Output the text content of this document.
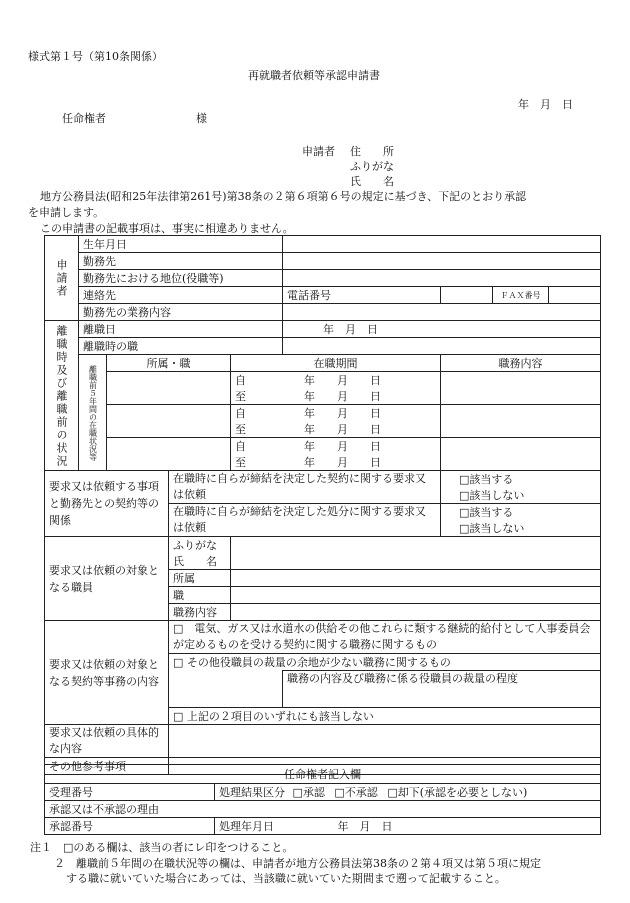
様式第１号（第10条関係）
再就職者依頼等承認申請書
年　月　日
任命権者	様
申請者 住　　所
ふりがな
氏　　名
地方公務員法(昭和25年法律第261号)第38条の２第６項第６号の規定に基づき、下記のとおり承認
を申請します。
この申請書の記載事項は、事実に相違ありません。
申請者	生年月日							
	勤務先							
	勤務先における地位(役職等)							
	連絡先				電話番号		ＦＡＸ番号	
	勤務先の業務内容							
離職時及び離職前の状況	離職日				年　月　日			
	離職時の職							
	離職前５年間の在職状況等	所属・職		在職期間		職務内容		
				自 年　　月　　日				
				至 年　　月　　日				
				自 年　　月　　日				
				至 年　　月　　日				
				自 年　　月　　日				
				至 年　　月　　日				
要求又は依頼する事項と勤務先との契約等の関係			在職時に自らが締結を決定した契約に関する要求又は依頼			□該当する		
						□該当しない		
			在職時に自らが締結を決定した処分に関する要求又は依頼			□該当する		
						□該当しない		
要求又は依頼の対象となる職員			ふりがな					
			氏　　名					
			所属					
			職					
			職務内容					
要求又は依頼の対象となる契約等事務の内容			□　電気、ガス又は水道水の供給その他これらに類する継続的給付として人事委員会が定めるものを受ける契約に関する職務に関するもの					
			□ その他役職員の裁量の余地が少ない職務に関するもの					
					職務の内容及び職務に係る役職員の裁量の程度			
			□ 上記の２項目のいずれにも該当しない					
要求又は依頼の具体的な内容								
その他参考事項								
任命権者記入欄	
受理番号	処理結果区分 □承認 □不承認 □却下(承認を必要としない)
承認又は不承認の理由	
承認番号	処理年月日 年　月　日
注１　□のある欄は、該当の者にレ印をつけること。
２　離職前５年間の在職状況等の欄は、申請者が地方公務員法第38条の２第４項又は第５項に規定
する職に就いていた場合にあっては、当該職に就いていた期間まで遡って記載すること。
